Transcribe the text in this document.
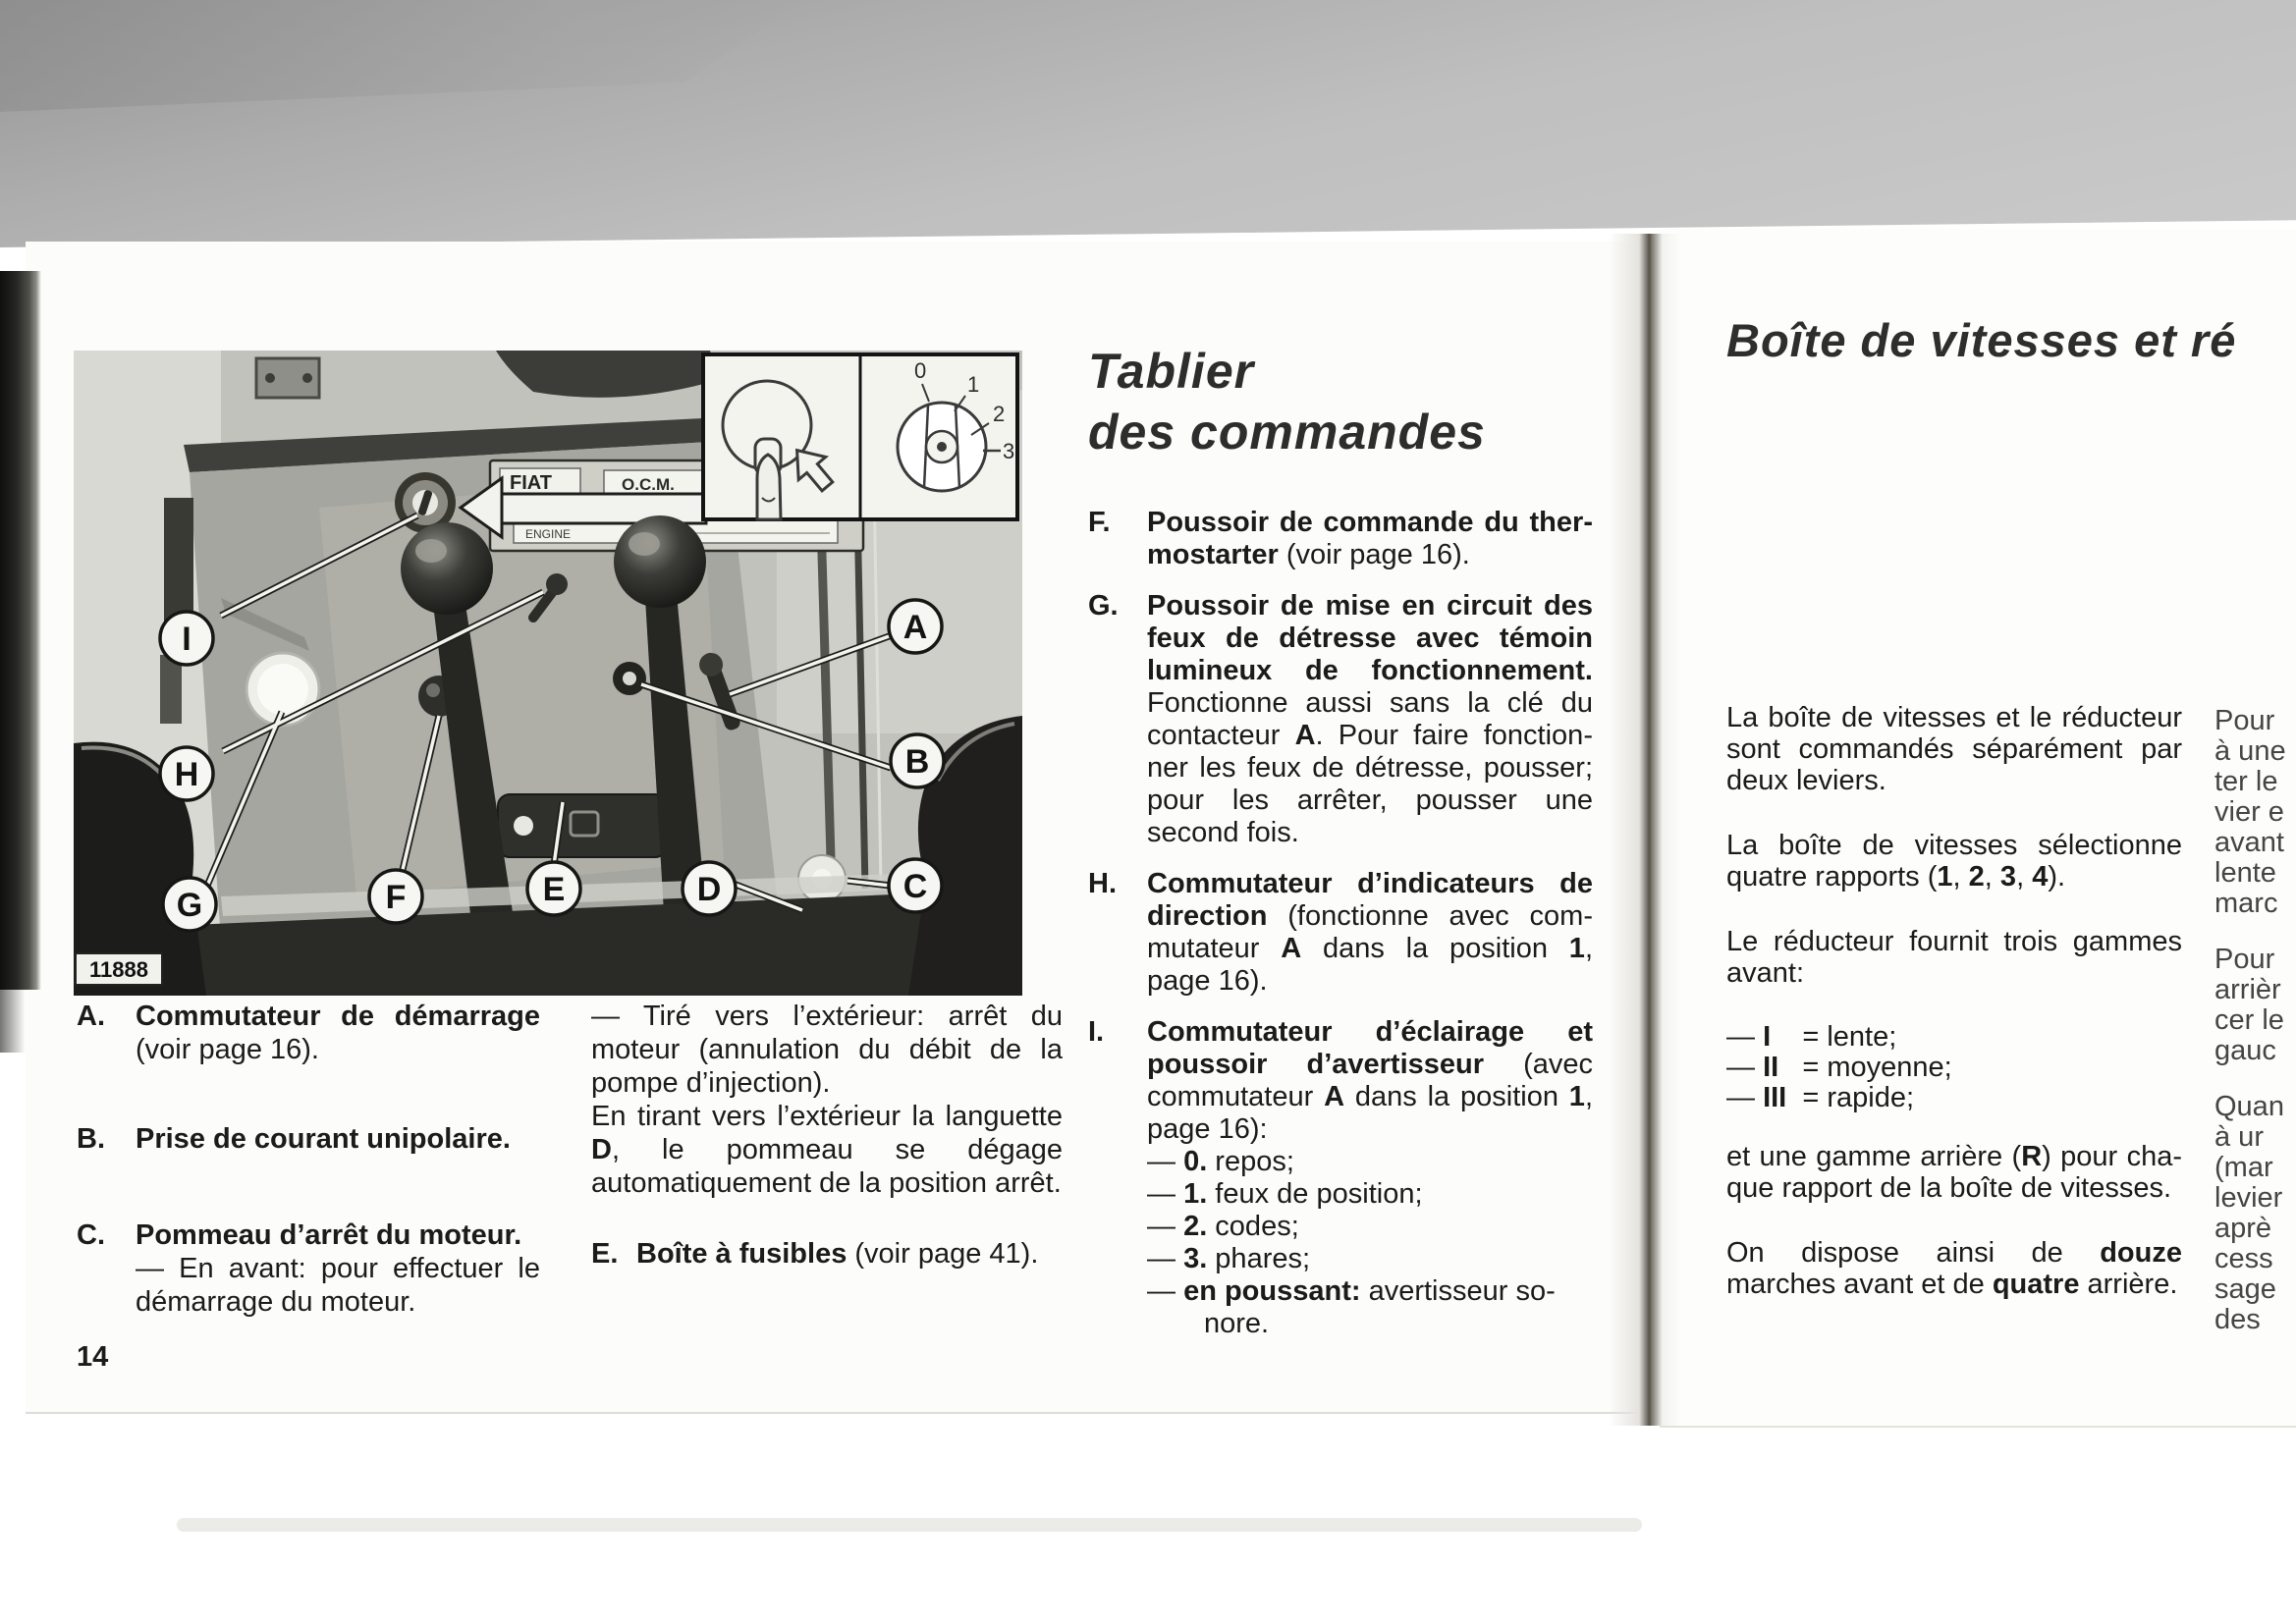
Boîte de vitesses et ré
La boîte de vitesses et le réducteur sont commandés séparément par deux leviers.
La boîte de vitesses sélectionne quatre rapports (1, 2, 3, 4).
Le réducteur fournit trois gammes avant:
— I    = lente;
— II   = moyenne;
— III  = rapide;
et une gamme arrière (R) pour chaque rapport de la boîte de vitesses.
On dispose ainsi de douze marches avant et de quatre arrière.
Pour
à une
ter le
vier e
avant
lente
marc
Pour
arrièr
cer le
gauc
Quan
à ur
(mar
levier
aprè
cess
sage
des
Tablier
des commandes
F. Poussoir de commande du thermostarter (voir page 16).
G. Poussoir de mise en circuit des feux de détresse avec témoin lumineux de fonctionnement. Fonctionne aussi sans la clé du contacteur A. Pour faire fonctionner les feux de détresse, pousser; pour les arrêter, pousser une second fois.
H. Commutateur d’indicateurs de direction (fonctionne avec commutateur A dans la position 1, page 16).
I. Commutateur d’éclairage et poussoir d’avertisseur (avec commutateur A dans la position 1, page 16):
— 0. repos;
— 1. feux de position;
— 2. codes;
— 3. phares;
— en poussant: avertisseur sonore.
A. Commutateur de démarrage (voir page 16).
B. Prise de courant unipolaire.
C. Pommeau d’arrêt du moteur.
— En avant: pour effectuer le démarrage du moteur.
— Tiré vers l’extérieur: arrêt du moteur (annulation du débit de la pompe d’injection).
En tirant vers l’extérieur la languette D, le pommeau se dégage automatiquement de la position arrêt.
E. Boîte à fusibles (voir page 41).
14
FIAT	O.C.M.
ENGINE
I
H
G	F	E	D	C
A
B
0
1
2
3
11888
